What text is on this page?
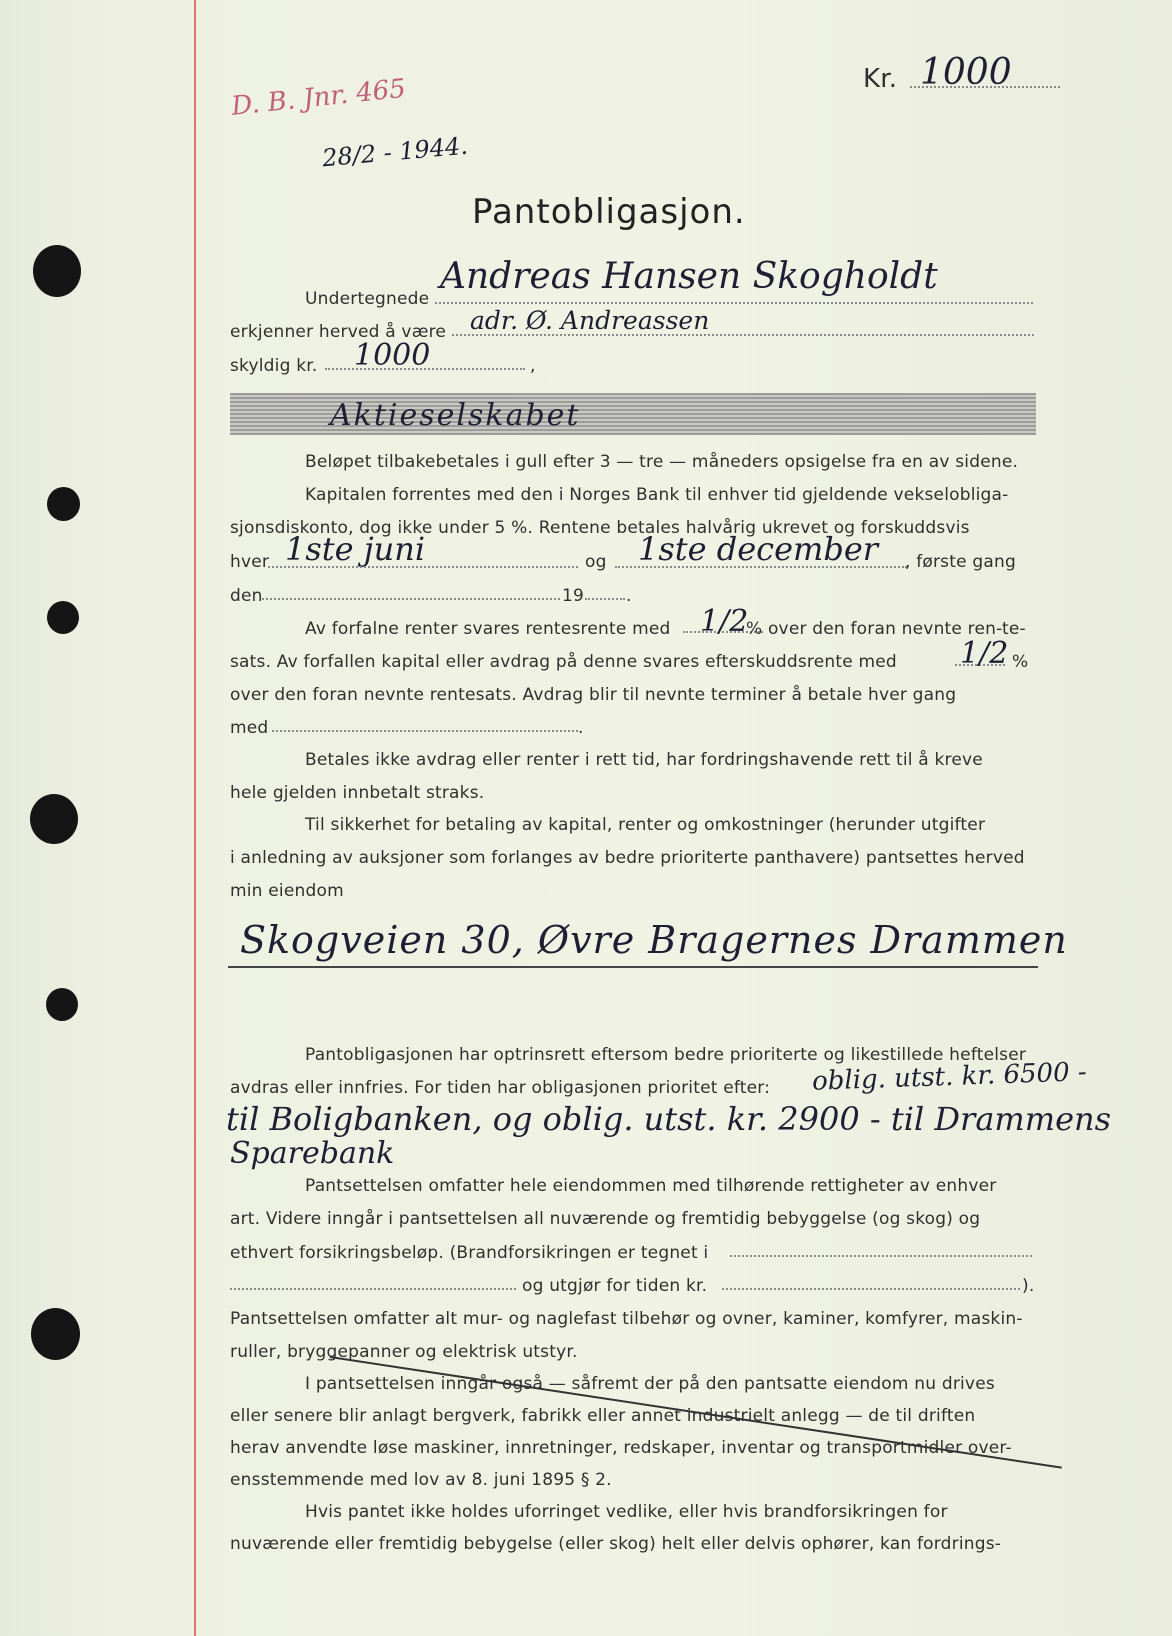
D. B. Jnr. 465
28/2 - 1944.
Kr. 1000
Pantobligasjon.
Undertegnede
Andreas Hansen Skogholdt
erkjenner herved å være adr. Ø. Andreassen
skyldig kr. 1000	,
Aktieselskabet
Beløpet tilbakebetales i gull efter 3 — tre — måneders opsigelse fra en av sidene.
Kapitalen forrentes med den i Norges Bank til enhver tid gjeldende vekselobliga-
sjonsdiskonto, dog ikke under 5 %. Rentene betales halvårig ukrevet og forskuddsvis
hver 1ste juni	og 1ste december , første gang
den	19 .
Av forfalne renter svares rentesrente med 1/2
% over den foran nevnte ren- te-
sats. Av forfallen kapital eller avdrag på denne svares efterskuddsrente med 1/2 %
over den foran nevnte rentesats. Avdrag blir til nevnte terminer å betale hver gang
med	.
Betales ikke avdrag eller renter i rett tid, har fordringshavende rett til å kreve
hele gjelden innbetalt straks.
Til sikkerhet for betaling av kapital, renter og omkostninger (herunder utgifter
i anledning av auksjoner som forlanges av bedre prioriterte panthavere) pantsettes herved
min eiendom
Skogveien 30, Øvre Bragernes Drammen
Pantobligasjonen har optrinsrett eftersom bedre prioriterte og likestillede heftelser
avdras eller innfries. For tiden har obligasjonen prioritet efter: oblig. utst. kr. 6500 -
til Boligbanken, og oblig. utst. kr. 2900 - til Drammens
Sparebank
Pantsettelsen omfatter hele eiendommen med tilhørende rettigheter av enhver
art. Videre inngår i pantsettelsen all nuværende og fremtidig bebyggelse (og skog) og
ethvert forsikringsbeløp. (Brandforsikringen er tegnet i
og utgjør for tiden kr.	).
Pantsettelsen omfatter alt mur- og naglefast tilbehør og ovner, kaminer, komfyrer, maskin-
ruller, bryggepanner og elektrisk utstyr.
I pantsettelsen inngår også — såfremt der på den pantsatte eiendom nu drives
eller senere blir anlagt bergverk, fabrikk eller annet industrielt anlegg — de til driften
herav anvendte løse maskiner, innretninger, redskaper, inventar og transportmidler over-
ensstemmende med lov av 8. juni 1895 § 2.
Hvis pantet ikke holdes uforringet vedlike, eller hvis brandforsikringen for
nuværende eller fremtidig bebygelse (eller skog) helt eller delvis ophører, kan fordrings-
